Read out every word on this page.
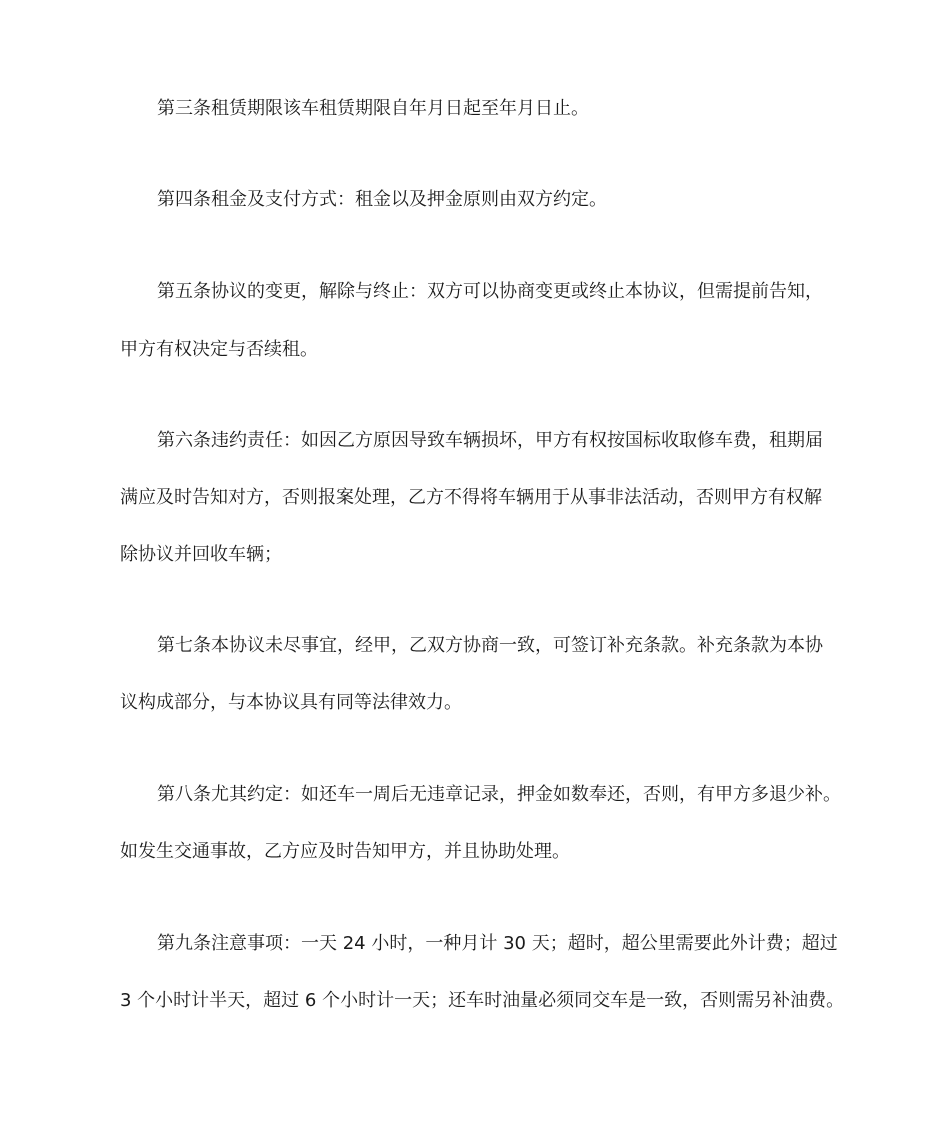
第三条租赁期限该车租赁期限自年月日起至年月日止。
第四条租金及支付方式：租金以及押金原则由双方约定。
第五条协议的变更，解除与终止：双方可以协商变更或终止本协议，但需提前告知，
甲方有权决定与否续租。
第六条违约责任：如因乙方原因导致车辆损坏，甲方有权按国标收取修车费，租期届
满应及时告知对方，否则报案处理，乙方不得将车辆用于从事非法活动，否则甲方有权解
除协议并回收车辆；
第七条本协议未尽事宜，经甲，乙双方协商一致，可签订补充条款。补充条款为本协
议构成部分，与本协议具有同等法律效力。
第八条尤其约定：如还车一周后无违章记录，押金如数奉还，否则，有甲方多退少补。
如发生交通事故，乙方应及时告知甲方，并且协助处理。
第九条注意事项：一天 24 小时，一种月计 30 天；超时，超公里需要此外计费；超过
3 个小时计半天，超过 6 个小时计一天；还车时油量必须同交车是一致，否则需另补油费。
